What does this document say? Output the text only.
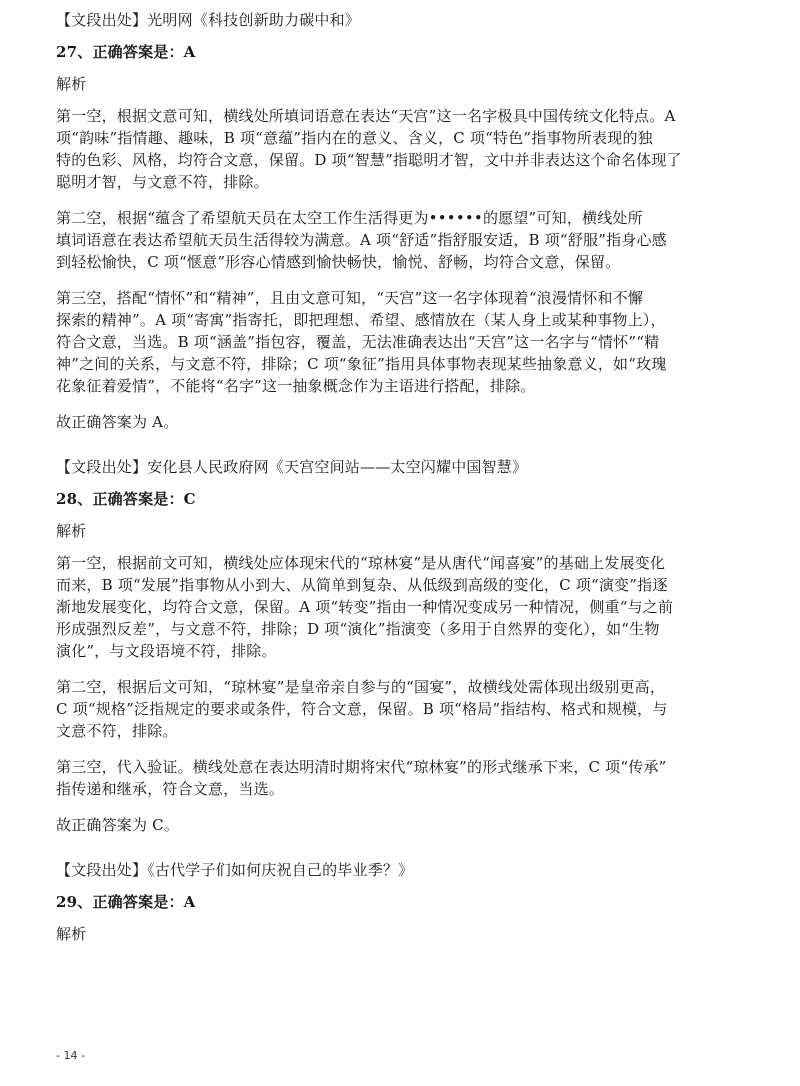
【文段出处】光明网《科技创新助力碳中和》
27、正确答案是：A
解析
第一空，根据文意可知，横线处所填词语意在表达“天宫”这一名字极具中国传统文化特点。A
项“韵味”指情趣、趣味，B 项“意蕴”指内在的意义、含义，C 项“特色”指事物所表现的独
特的色彩、风格，均符合文意，保留。D 项“智慧”指聪明才智，文中并非表达这个命名体现了
聪明才智，与文意不符，排除。
第二空，根据“蕴含了希望航天员在太空工作生活得更为••••••的愿望”可知，横线处所
填词语意在表达希望航天员生活得较为满意。A 项“舒适”指舒服安适，B 项“舒服”指身心感
到轻松愉快，C 项“惬意”形容心情感到愉快畅快，愉悦、舒畅，均符合文意，保留。
第三空，搭配“情怀”和“精神”，且由文意可知，“天宫”这一名字体现着“浪漫情怀和不懈
探索的精神”。A 项“寄寓”指寄托，即把理想、希望、感情放在（某人身上或某种事物上），
符合文意，当选。B 项“涵盖”指包容，覆盖，无法准确表达出“天宫”这一名字与“情怀”“精
神”之间的关系，与文意不符，排除；C 项“象征”指用具体事物表现某些抽象意义，如“玫瑰
花象征着爱情”，不能将“名字”这一抽象概念作为主语进行搭配，排除。
故正确答案为 A。
【文段出处】安化县人民政府网《天宫空间站——太空闪耀中国智慧》
28、正确答案是：C
解析
第一空，根据前文可知，横线处应体现宋代的“琼林宴”是从唐代“闻喜宴”的基础上发展变化
而来，B 项“发展”指事物从小到大、从简单到复杂、从低级到高级的变化，C 项“演变”指逐
渐地发展变化，均符合文意，保留。A 项“转变”指由一种情况变成另一种情况，侧重“与之前
形成强烈反差”，与文意不符，排除；D 项“演化”指演变（多用于自然界的变化），如“生物
演化”，与文段语境不符，排除。
第二空，根据后文可知，“琼林宴”是皇帝亲自参与的“国宴”，故横线处需体现出级别更高，
C 项“规格”泛指规定的要求或条件，符合文意，保留。B 项“格局”指结构、格式和规模，与
文意不符，排除。
第三空，代入验证。横线处意在表达明清时期将宋代“琼林宴”的形式继承下来，C 项“传承”
指传递和继承，符合文意，当选。
故正确答案为 C。
【文段出处】《古代学子们如何庆祝自己的毕业季？》
29、正确答案是：A
解析
- 14 -
